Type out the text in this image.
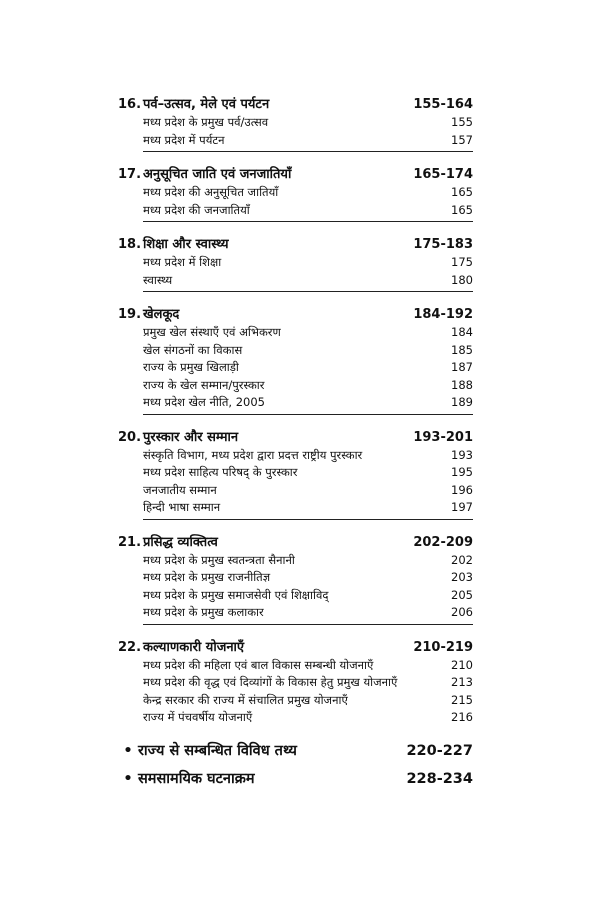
16. पर्व–उत्सव, मेले एवं पर्यटन	155-164
मध्य प्रदेश के प्रमुख पर्व/उत्सव	155
मध्य प्रदेश में पर्यटन	157
17. अनुसूचित जाति एवं जनजातियाँ	165-174
मध्य प्रदेश की अनुसूचित जातियाँ	165
मध्य प्रदेश की जनजातियाँ	165
18. शिक्षा और स्वास्थ्य	175-183
मध्य प्रदेश में शिक्षा	175
स्वास्थ्य	180
19. खेलकूद	184-192
प्रमुख खेल संस्थाएँ एवं अभिकरण	184
खेल संगठनों का विकास	185
राज्य के प्रमुख खिलाड़ी	187
राज्य के खेल सम्मान/पुरस्कार	188
मध्य प्रदेश खेल नीति, 2005	189
20. पुरस्कार और सम्मान	193-201
संस्कृति विभाग, मध्य प्रदेश द्वारा प्रदत्त राष्ट्रीय पुरस्कार	193
मध्य प्रदेश साहित्य परिषद् के पुरस्कार	195
जनजातीय सम्मान	196
हिन्दी भाषा सम्मान	197
21. प्रसिद्ध व्यक्तित्व	202-209
मध्य प्रदेश के प्रमुख स्वतन्त्रता सैनानी	202
मध्य प्रदेश के प्रमुख राजनीतिज्ञ	203
मध्य प्रदेश के प्रमुख समाजसेवी एवं शिक्षाविद्	205
मध्य प्रदेश के प्रमुख कलाकार	206
22. कल्याणकारी योजनाएँ	210-219
मध्य प्रदेश की महिला एवं बाल विकास सम्बन्धी योजनाएँ	210
मध्य प्रदेश की वृद्ध एवं दिव्यांगों के विकास हेतु प्रमुख योजनाएँ	213
केन्द्र सरकार की राज्य में संचालित प्रमुख योजनाएँ	215
राज्य में पंचवर्षीय योजनाएँ	216
• राज्य से सम्बन्धित विविध तथ्य	220-227
• समसामयिक घटनाक्रम	228-234
